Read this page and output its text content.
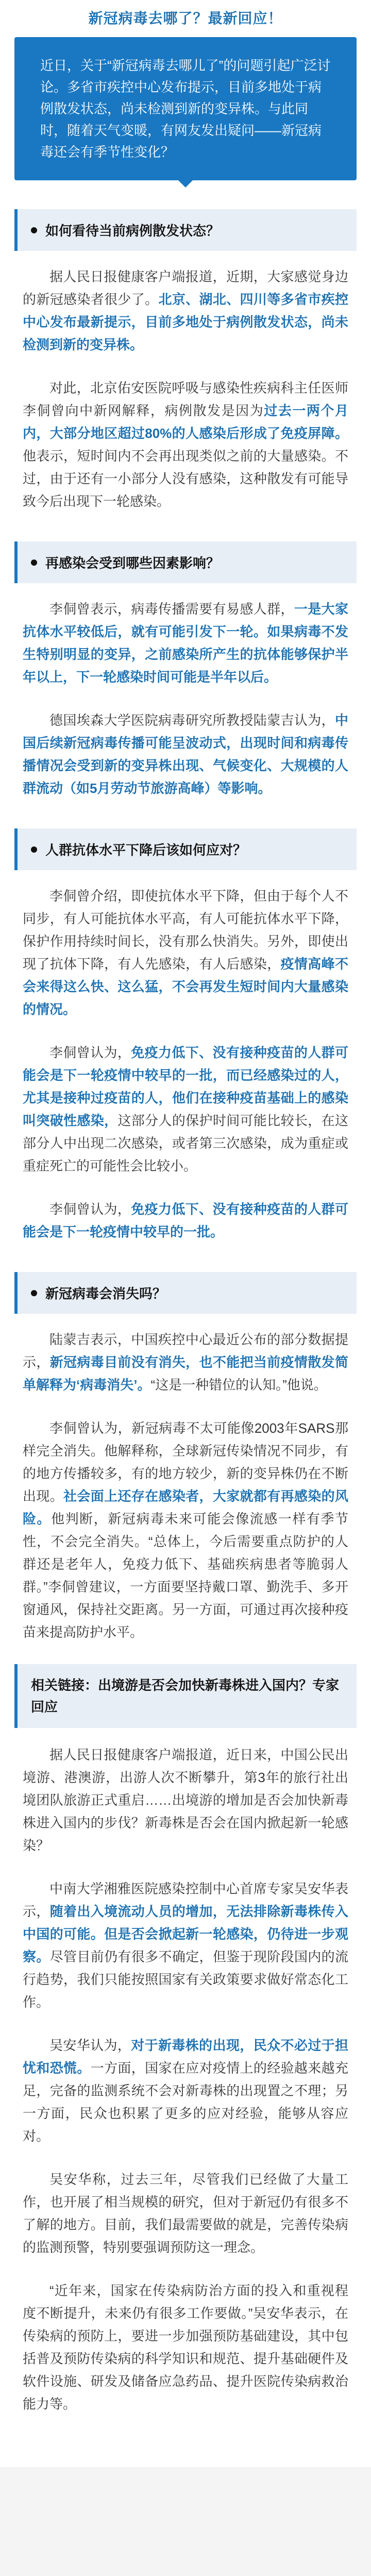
新冠病毒去哪了？最新回应！
近日，关于“新冠病毒去哪儿了”的问题引起广泛讨论。多省市疾控中心发布提示，目前多地处于病例散发状态，尚未检测到新的变异株。与此同时，随着天气变暖，有网友发出疑问——新冠病毒还会有季节性变化？
如何看待当前病例散发状态？

据人民日报健康客户端报道，近期，大家感觉身边的新冠感染者很少了。北京、湖北、四川等多省市疾控中心发布最新提示，目前多地处于病例散发状态，尚未检测到新的变异株。

对此，北京佑安医院呼吸与感染性疾病科主任医师李侗曾向中新网解释，病例散发是因为过去一两个月内，大部分地区超过80%的人感染后形成了免疫屏障。他表示，短时间内不会再出现类似之前的大量感染。不过，由于还有一小部分人没有感染，这种散发有可能导致今后出现下一轮感染。

再感染会受到哪些因素影响？

李侗曾表示，病毒传播需要有易感人群，一是大家抗体水平较低后，就有可能引发下一轮。如果病毒不发生特别明显的变异，之前感染所产生的抗体能够保护半年以上，下一轮感染时间可能是半年以后。

德国埃森大学医院病毒研究所教授陆蒙吉认为，中国后续新冠病毒传播可能呈波动式，出现时间和病毒传播情况会受到新的变异株出现、气候变化、大规模的人群流动（如5月劳动节旅游高峰）等影响。

人群抗体水平下降后该如何应对？

李侗曾介绍，即使抗体水平下降，但由于每个人不同步，有人可能抗体水平高，有人可能抗体水平下降，保护作用持续时间长，没有那么快消失。另外，即使出现了抗体下降，有人先感染，有人后感染，疫情高峰不会来得这么快、这么猛，不会再发生短时间内大量感染的情况。

李侗曾认为，免疫力低下、没有接种疫苗的人群可能会是下一轮疫情中较早的一批，而已经感染过的人，尤其是接种过疫苗的人，他们在接种疫苗基础上的感染叫突破性感染，这部分人的保护时间可能比较长，在这部分人中出现二次感染，或者第三次感染，成为重症或重症死亡的可能性会比较小。

李侗曾认为，免疫力低下、没有接种疫苗的人群可能会是下一轮疫情中较早的一批。

新冠病毒会消失吗？

陆蒙吉表示，中国疾控中心最近公布的部分数据提示，新冠病毒目前没有消失，也不能把当前疫情散发简单解释为‘病毒消失’。“这是一种错位的认知。”他说。

李侗曾认为，新冠病毒不太可能像2003年SARS那样完全消失。他解释称，全球新冠传染情况不同步，有的地方传播较多，有的地方较少，新的变异株仍在不断出现。社会面上还存在感染者，大家就都有再感染的风险。他判断，新冠病毒未来可能会像流感一样有季节性，不会完全消失。“总体上，今后需要重点防护的人群还是老年人，免疫力低下、基础疾病患者等脆弱人群。”李侗曾建议，一方面要坚持戴口罩、勤洗手、多开窗通风，保持社交距离。另一方面，可通过再次接种疫苗来提高防护水平。

相关链接：出境游是否会加快新毒株进入国内？专家回应

据人民日报健康客户端报道，近日来，中国公民出境游、港澳游，出游人次不断攀升，第3年的旅行社出境团队旅游正式重启……出境游的增加是否会加快新毒株进入国内的步伐？新毒株是否会在国内掀起新一轮感染？

中南大学湘雅医院感染控制中心首席专家吴安华表示，随着出入境流动人员的增加，无法排除新毒株传入中国的可能。但是否会掀起新一轮感染，仍待进一步观察。尽管目前仍有很多不确定，但鉴于现阶段国内的流行趋势，我们只能按照国家有关政策要求做好常态化工作。

吴安华认为，对于新毒株的出现，民众不必过于担忧和恐慌。一方面，国家在应对疫情上的经验越来越充足，完备的监测系统不会对新毒株的出现置之不理；另一方面，民众也积累了更多的应对经验，能够从容应对。

吴安华称，过去三年，尽管我们已经做了大量工作，也开展了相当规模的研究，但对于新冠仍有很多不了解的地方。目前，我们最需要做的就是，完善传染病的监测预警，特别要强调预防这一理念。

“近年来，国家在传染病防治方面的投入和重视程度不断提升，未来仍有很多工作要做。”吴安华表示，在传染病的预防上，要进一步加强预防基础建设，其中包括普及预防传染病的科学知识和规范、提升基础硬件及软件设施、研发及储备应急药品、提升医院传染病救治能力等。
